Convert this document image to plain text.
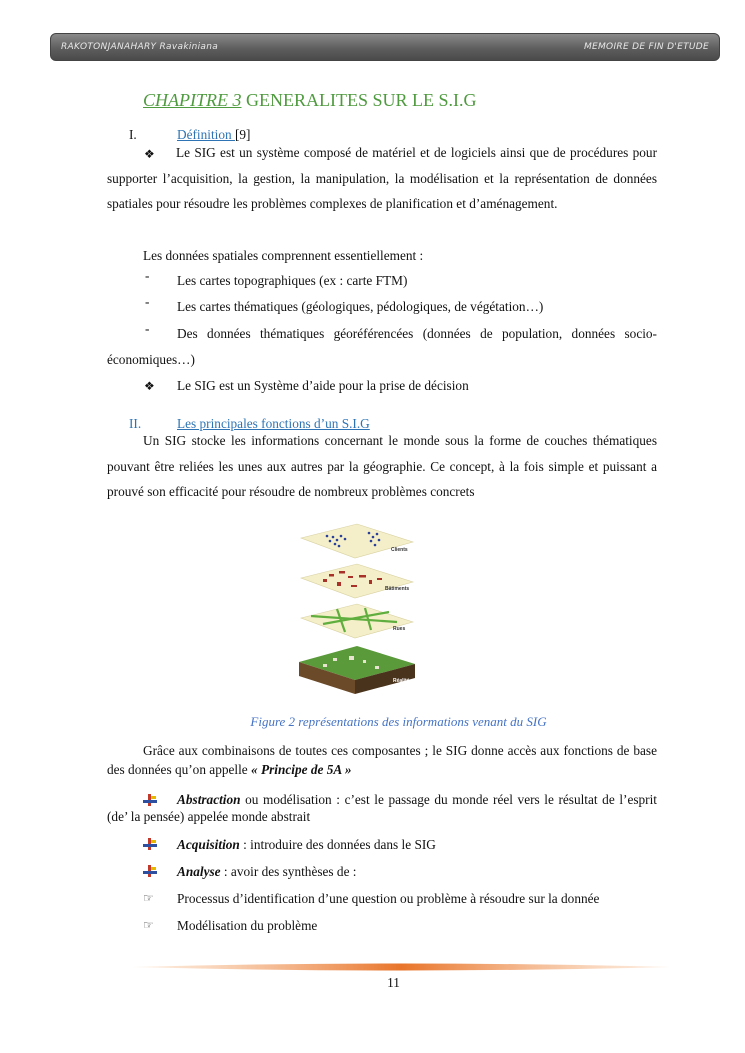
RAKOTONJANAHARY Ravakiniana	MEMOIRE DE FIN D'ETUDE
CHAPITRE 3 GENERALITES SUR LE S.I.G
I.	Définition [9]
❖	Le SIG est un système composé de matériel et de logiciels ainsi que de procédures pour supporter l’acquisition, la gestion, la manipulation, la modélisation et la représentation de données spatiales pour résoudre les problèmes complexes de planification et d’aménagement.
Les données spatiales comprennent essentiellement :
- Les cartes topographiques (ex : carte FTM)
- Les cartes thématiques (géologiques, pédologiques, de végétation…)
-	Des données thématiques géoréférencées (données de population, données socio-économiques…)
❖ Le SIG est un Système d’aide pour la prise de décision
II.	Les principales fonctions d’un S.I.G
Un SIG stocke les informations concernant le monde sous la forme de couches thématiques pouvant être reliées les unes aux autres par la géographie. Ce concept, à la fois simple et puissant a prouvé son efficacité pour résoudre de nombreux problèmes concrets
Clients
Bâtiments
Rues
Réalité
Figure 2 représentations des informations venant du SIG
Grâce aux combinaisons de toutes ces composantes ; le SIG donne accès aux fonctions de base des données qu’on appelle « Principe de 5A »
Abstraction ou modélisation : c’est le passage du monde réel vers le résultat de l’esprit (de’ la pensée) appelée monde abstrait
Acquisition : introduire des données dans le SIG
Analyse : avoir des synthèses de :
☞ Processus d’identification d’une question ou problème à résoudre sur la donnée
☞ Modélisation du problème
11
